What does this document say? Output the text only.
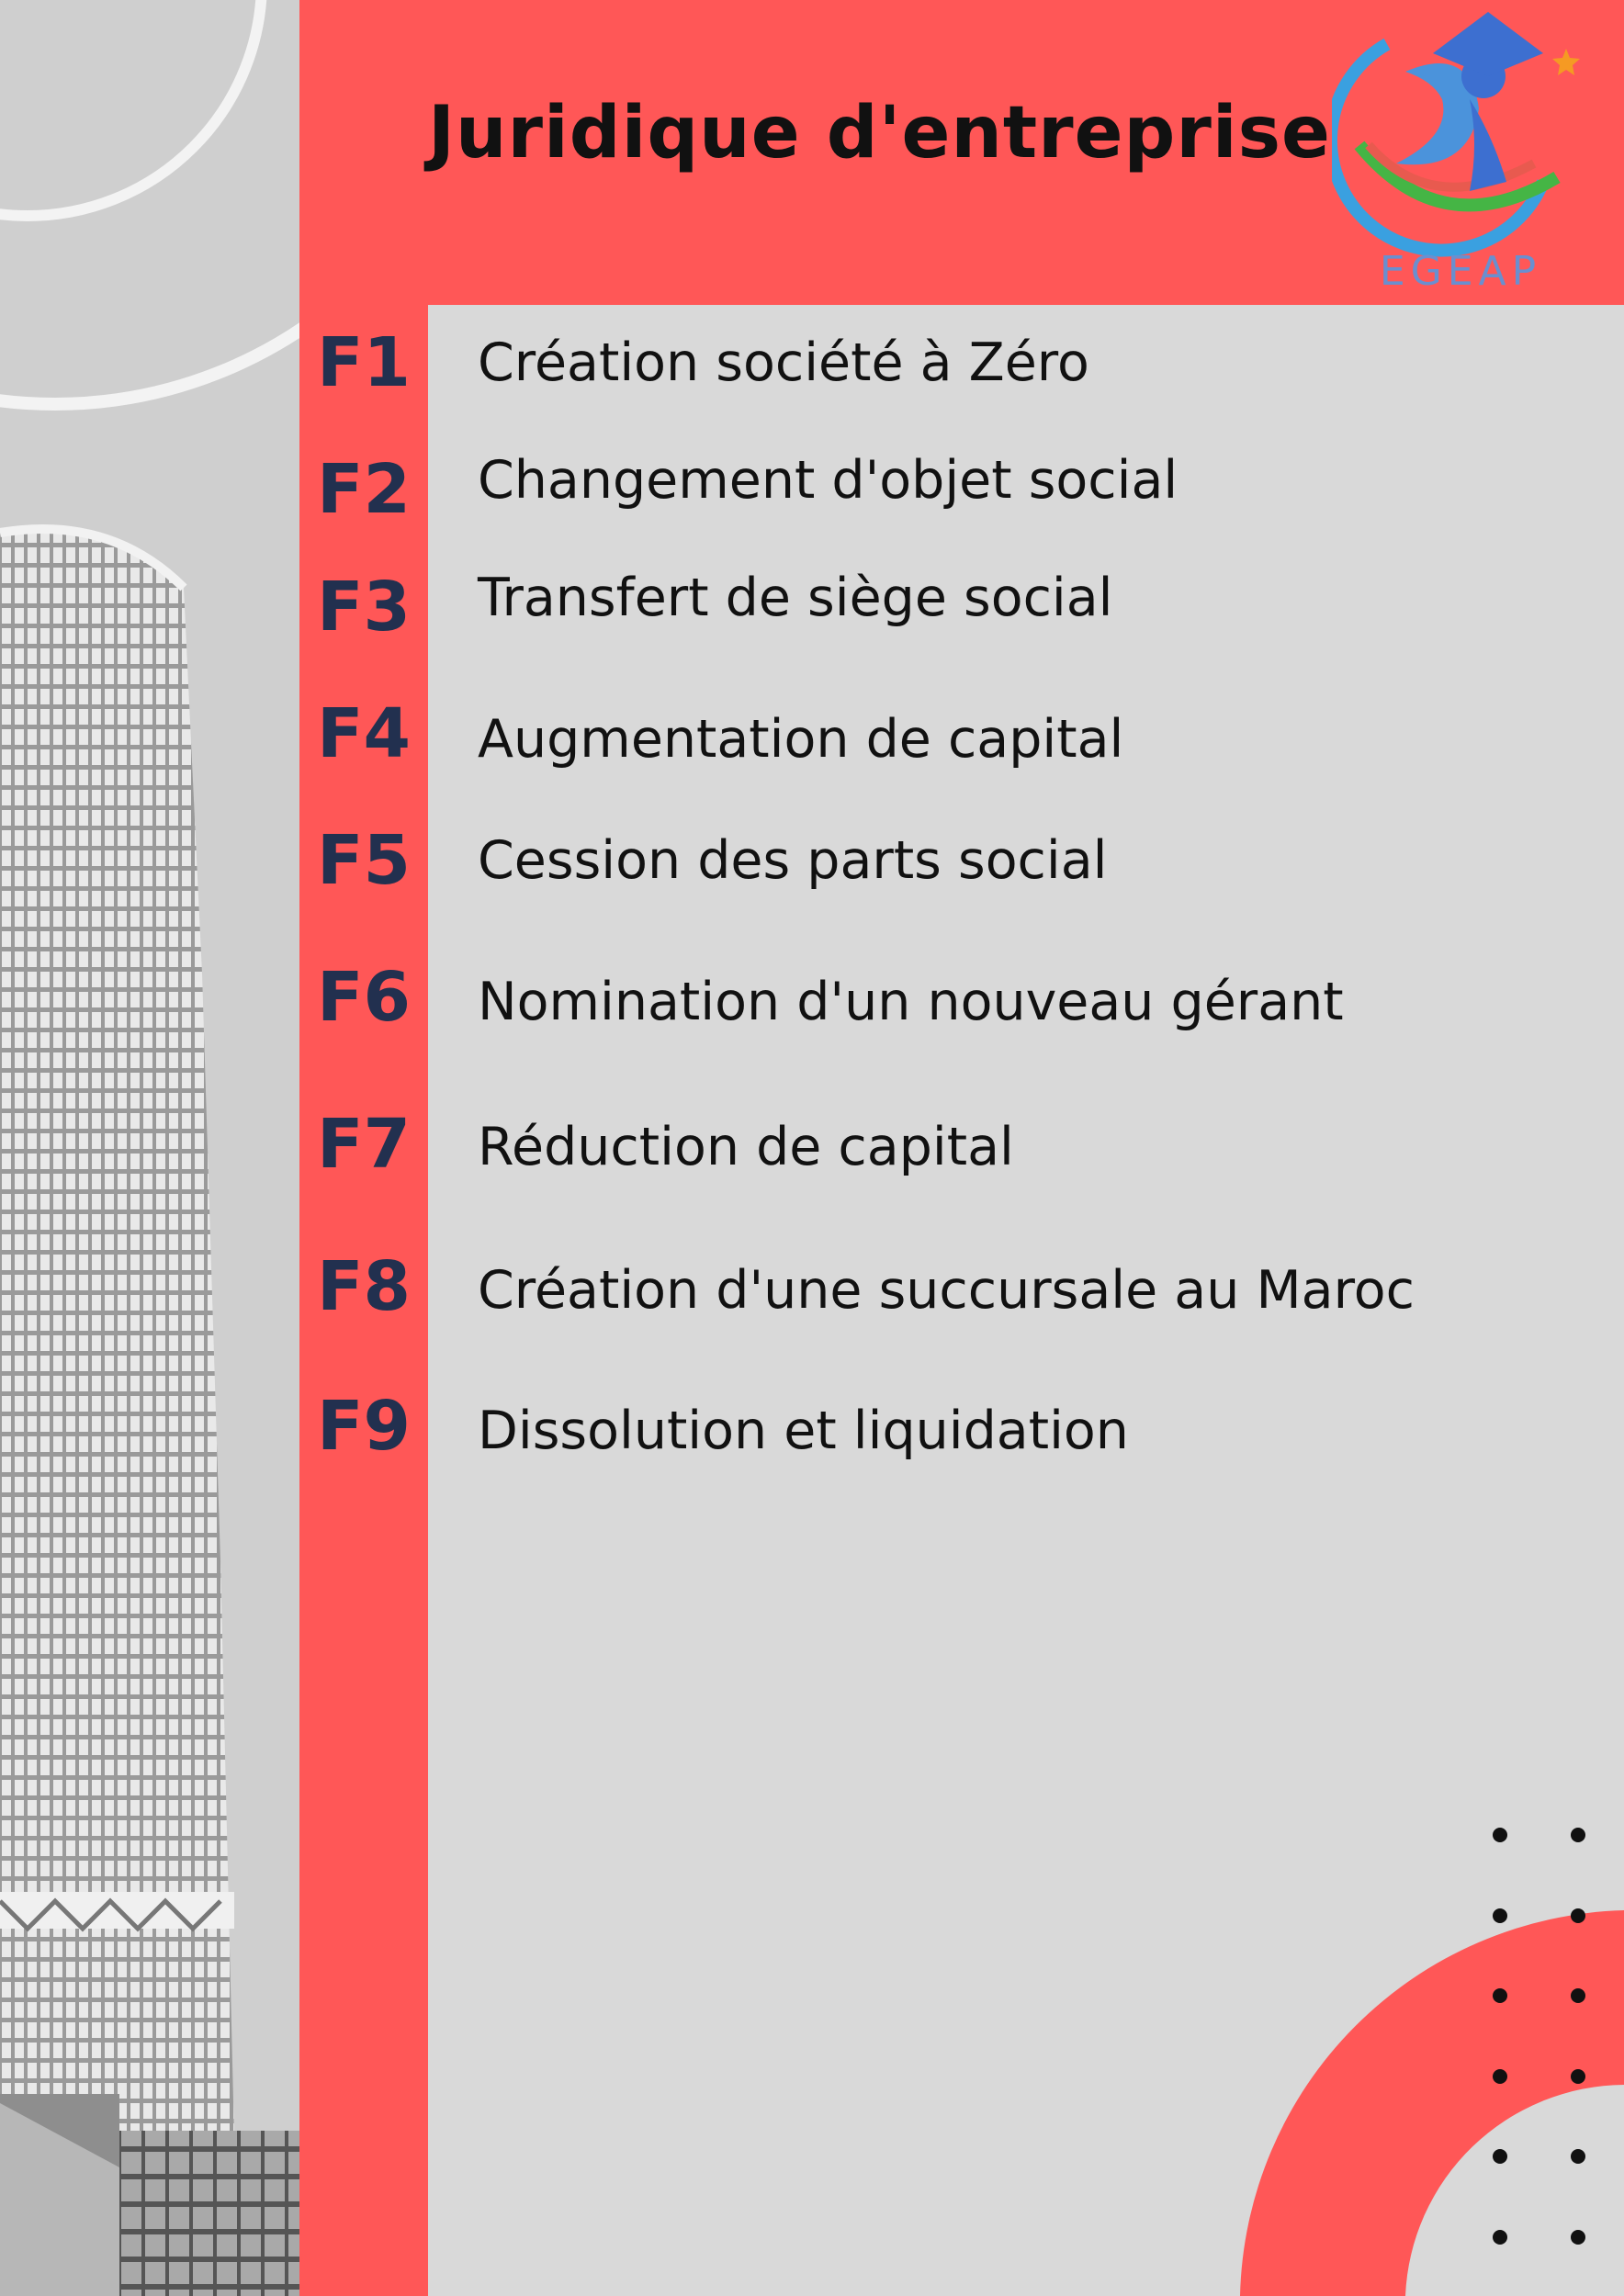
Juridique d'entreprise
EGEAP
F1 Création société à Zéro
F2 Changement d'objet social
F3 Transfert de siège social
F4 Augmentation de capital
F5 Cession des parts social
F6 Nomination d'un nouveau gérant
F7 Réduction de capital
F8 Création d'une succursale au Maroc
F9 Dissolution et liquidation
